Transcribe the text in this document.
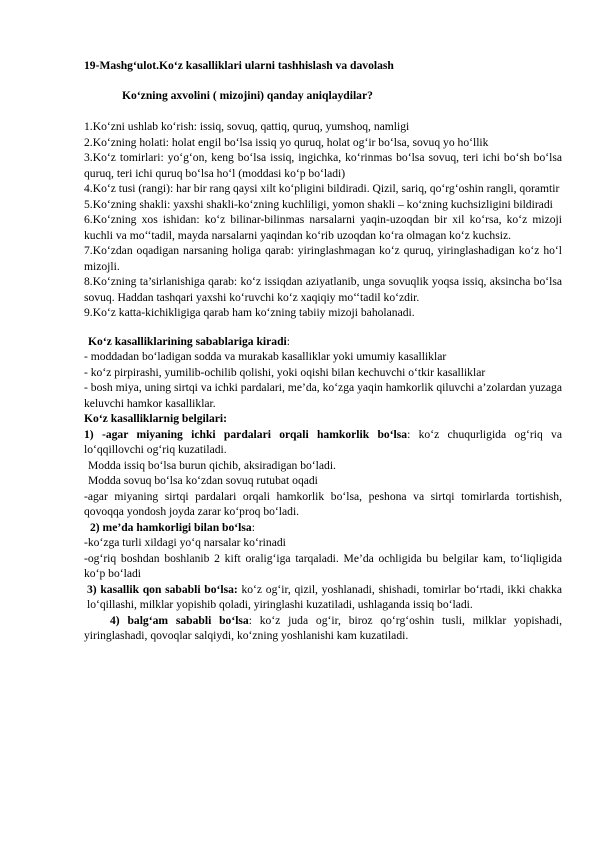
19-Mashg‘ulot.Ko‘z kasalliklari ularni tashhislash va davolash

Ko‘zning axvolini ( mizojini) qanday aniqlaydilar?

1.Ko‘zni ushlab ko‘rish: issiq, sovuq, qattiq, quruq, yumshoq, namligi

2.Ko‘zning holati: holat engil bo‘lsa issiq yo quruq, holat og‘ir bo‘lsa, sovuq yo ho‘llik

3.Ko‘z tomirlari: yo‘g‘on, keng bo‘lsa issiq, ingichka, ko‘rinmas bo‘lsa sovuq, teri ichi bo‘sh bo‘lsa quruq, teri ichi quruq bo‘lsa ho‘l (moddasi ko‘p bo‘ladi)

4.Ko‘z tusi (rangi): har bir rang qaysi xilt ko‘pligini bildiradi. Qizil, sariq, qo‘rg‘oshin rangli, qoramtir

5.Ko‘zning shakli: yaxshi shakli-ko‘zning kuchliligi, yomon shakli – ko‘zning kuchsizligini bildiradi

6.Ko‘zning xos ishidan: ko‘z bilinar-bilinmas narsalarni yaqin-uzoqdan bir xil ko‘rsa, ko‘z mizoji kuchli va mo‘‘tadil, mayda narsalarni yaqindan ko‘rib uzoqdan ko‘ra olmagan ko‘z kuchsiz.

7.Ko‘zdan oqadigan narsaning holiga qarab: yiringlashmagan ko‘z quruq, yiringlashadigan ko‘z ho‘l mizojli.

8.Ko‘zning ta’sirlanishiga qarab: ko‘z issiqdan aziyatlanib, unga sovuqlik yoqsa issiq, aksincha bo‘lsa sovuq. Haddan tashqari yaxshi ko‘ruvchi ko‘z xaqiqiy mo‘‘tadil ko‘zdir.

9.Ko‘z katta-kichikligiga qarab ham ko‘zning tabiiy mizoji baholanadi.

Ko‘z kasalliklarining sabablariga kiradi:

- moddadan bo‘ladigan sodda va murakab kasalliklar yoki umumiy kasalliklar

- ko‘z pirpirashi, yumilib-ochilib qolishi, yoki oqishi bilan kechuvchi o‘tkir kasalliklar

- bosh miya, uning sirtqi va ichki pardalari, me’da, ko‘zga yaqin hamkorlik qiluvchi a’zolardan yuzaga keluvchi hamkor kasalliklar.

Ko‘z kasalliklarnig belgilari:

1) -agar miyaning ichki pardalari orqali hamkorlik bo‘lsa: ko‘z chuqurligida og‘riq va lo‘qqillovchi og‘riq kuzatiladi.

Modda issiq bo‘lsa burun qichib, aksiradigan bo‘ladi.

Modda sovuq bo‘lsa ko‘zdan sovuq rutubat oqadi

-agar miyaning sirtqi pardalari orqali hamkorlik bo‘lsa, peshona va sirtqi tomirlarda tortishish, qovoqqa yondosh joyda zarar ko‘proq bo‘ladi.

2) me’da hamkorligi bilan bo‘lsa:

-ko‘zga turli xildagi yo‘q narsalar ko‘rinadi

-og‘riq boshdan boshlanib 2 kift oralig‘iga tarqaladi. Me’da ochligida bu belgilar kam, to‘liqligida ko‘p bo‘ladi

3) kasallik qon sababli bo‘lsa: ko‘z og‘ir, qizil, yoshlanadi, shishadi, tomirlar bo‘rtadi, ikki chakka lo‘qillashi, milklar yopishib qoladi, yiringlashi kuzatiladi, ushlaganda issiq bo‘ladi.

4) balg‘am sababli bo‘lsa: ko‘z juda og‘ir, biroz qo‘rg‘oshin tusli, milklar yopishadi, yiringlashadi, qovoqlar salqiydi, ko‘zning yoshlanishi kam kuzatiladi.
